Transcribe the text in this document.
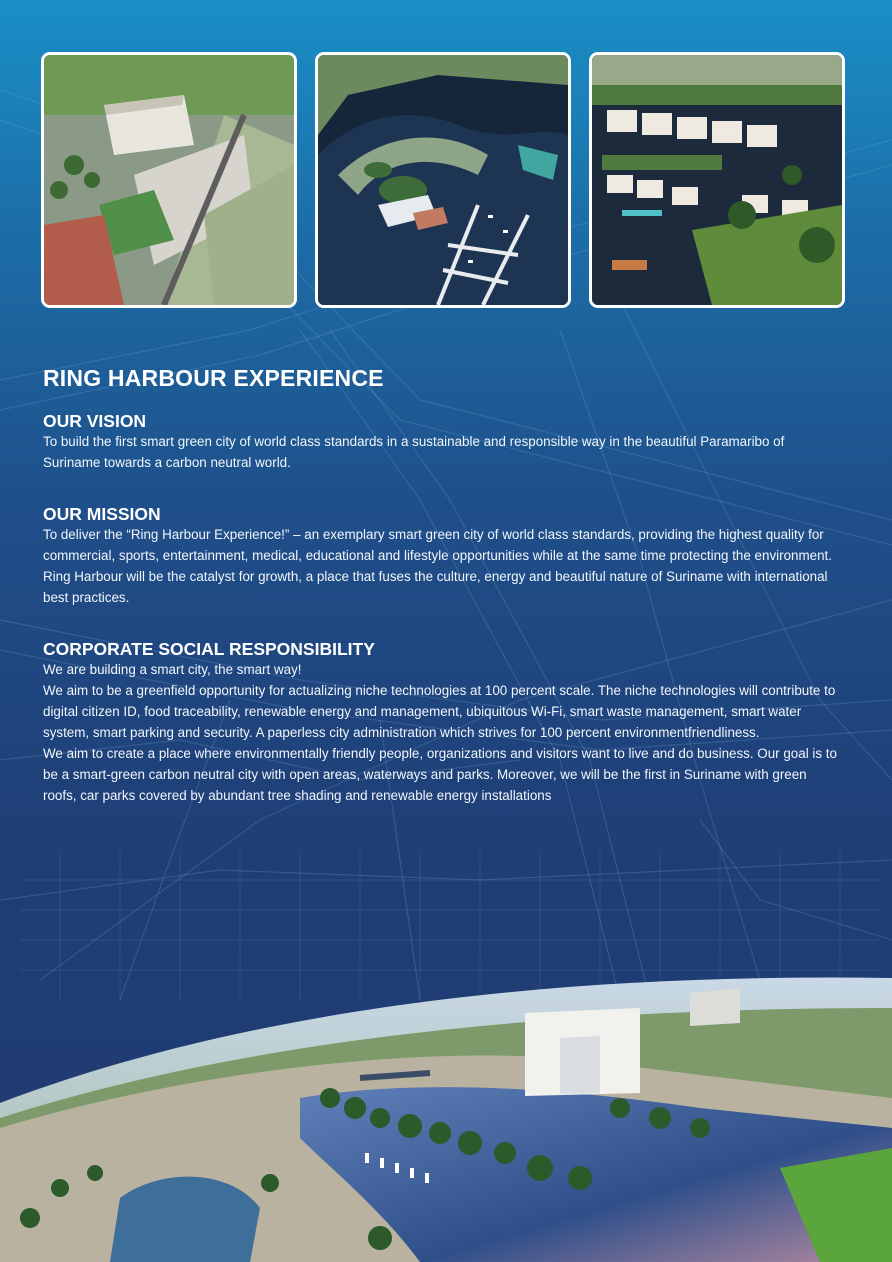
RING HARBOUR EXPERIENCE
OUR VISION

To build the first smart green city of world class standards in a sustainable and responsible way in the beautiful Paramaribo of Suriname towards a carbon neutral world.

OUR MISSION

To deliver the “Ring Harbour Experience!” – an exemplary smart green city of world class standards, providing the highest quality for commercial, sports, entertainment, medical, educational and lifestyle opportunities while at the same time protecting the environment. Ring Harbour will be the catalyst for growth, a place that fuses the culture, energy and beautiful nature of Suriname with international best practices.

CORPORATE SOCIAL RESPONSIBILITY

We are building a smart city, the smart way!

We aim to be a greenfield opportunity for actualizing niche technologies at 100 percent scale. The niche technologies will contribute to digital citizen ID, food traceability, renewable energy and management, ubiquitous Wi-Fi, smart waste management, smart water system, smart parking and security. A paperless city administration which strives for 100 percent environmentfriendliness.

We aim to create a place where environmentally friendly people, organizations and visitors want to live and do business. Our goal is to be a smart-green carbon neutral city with open areas, waterways and parks. Moreover, we will be the first in Suriname with green roofs, car parks covered by abundant tree shading and renewable energy installations
